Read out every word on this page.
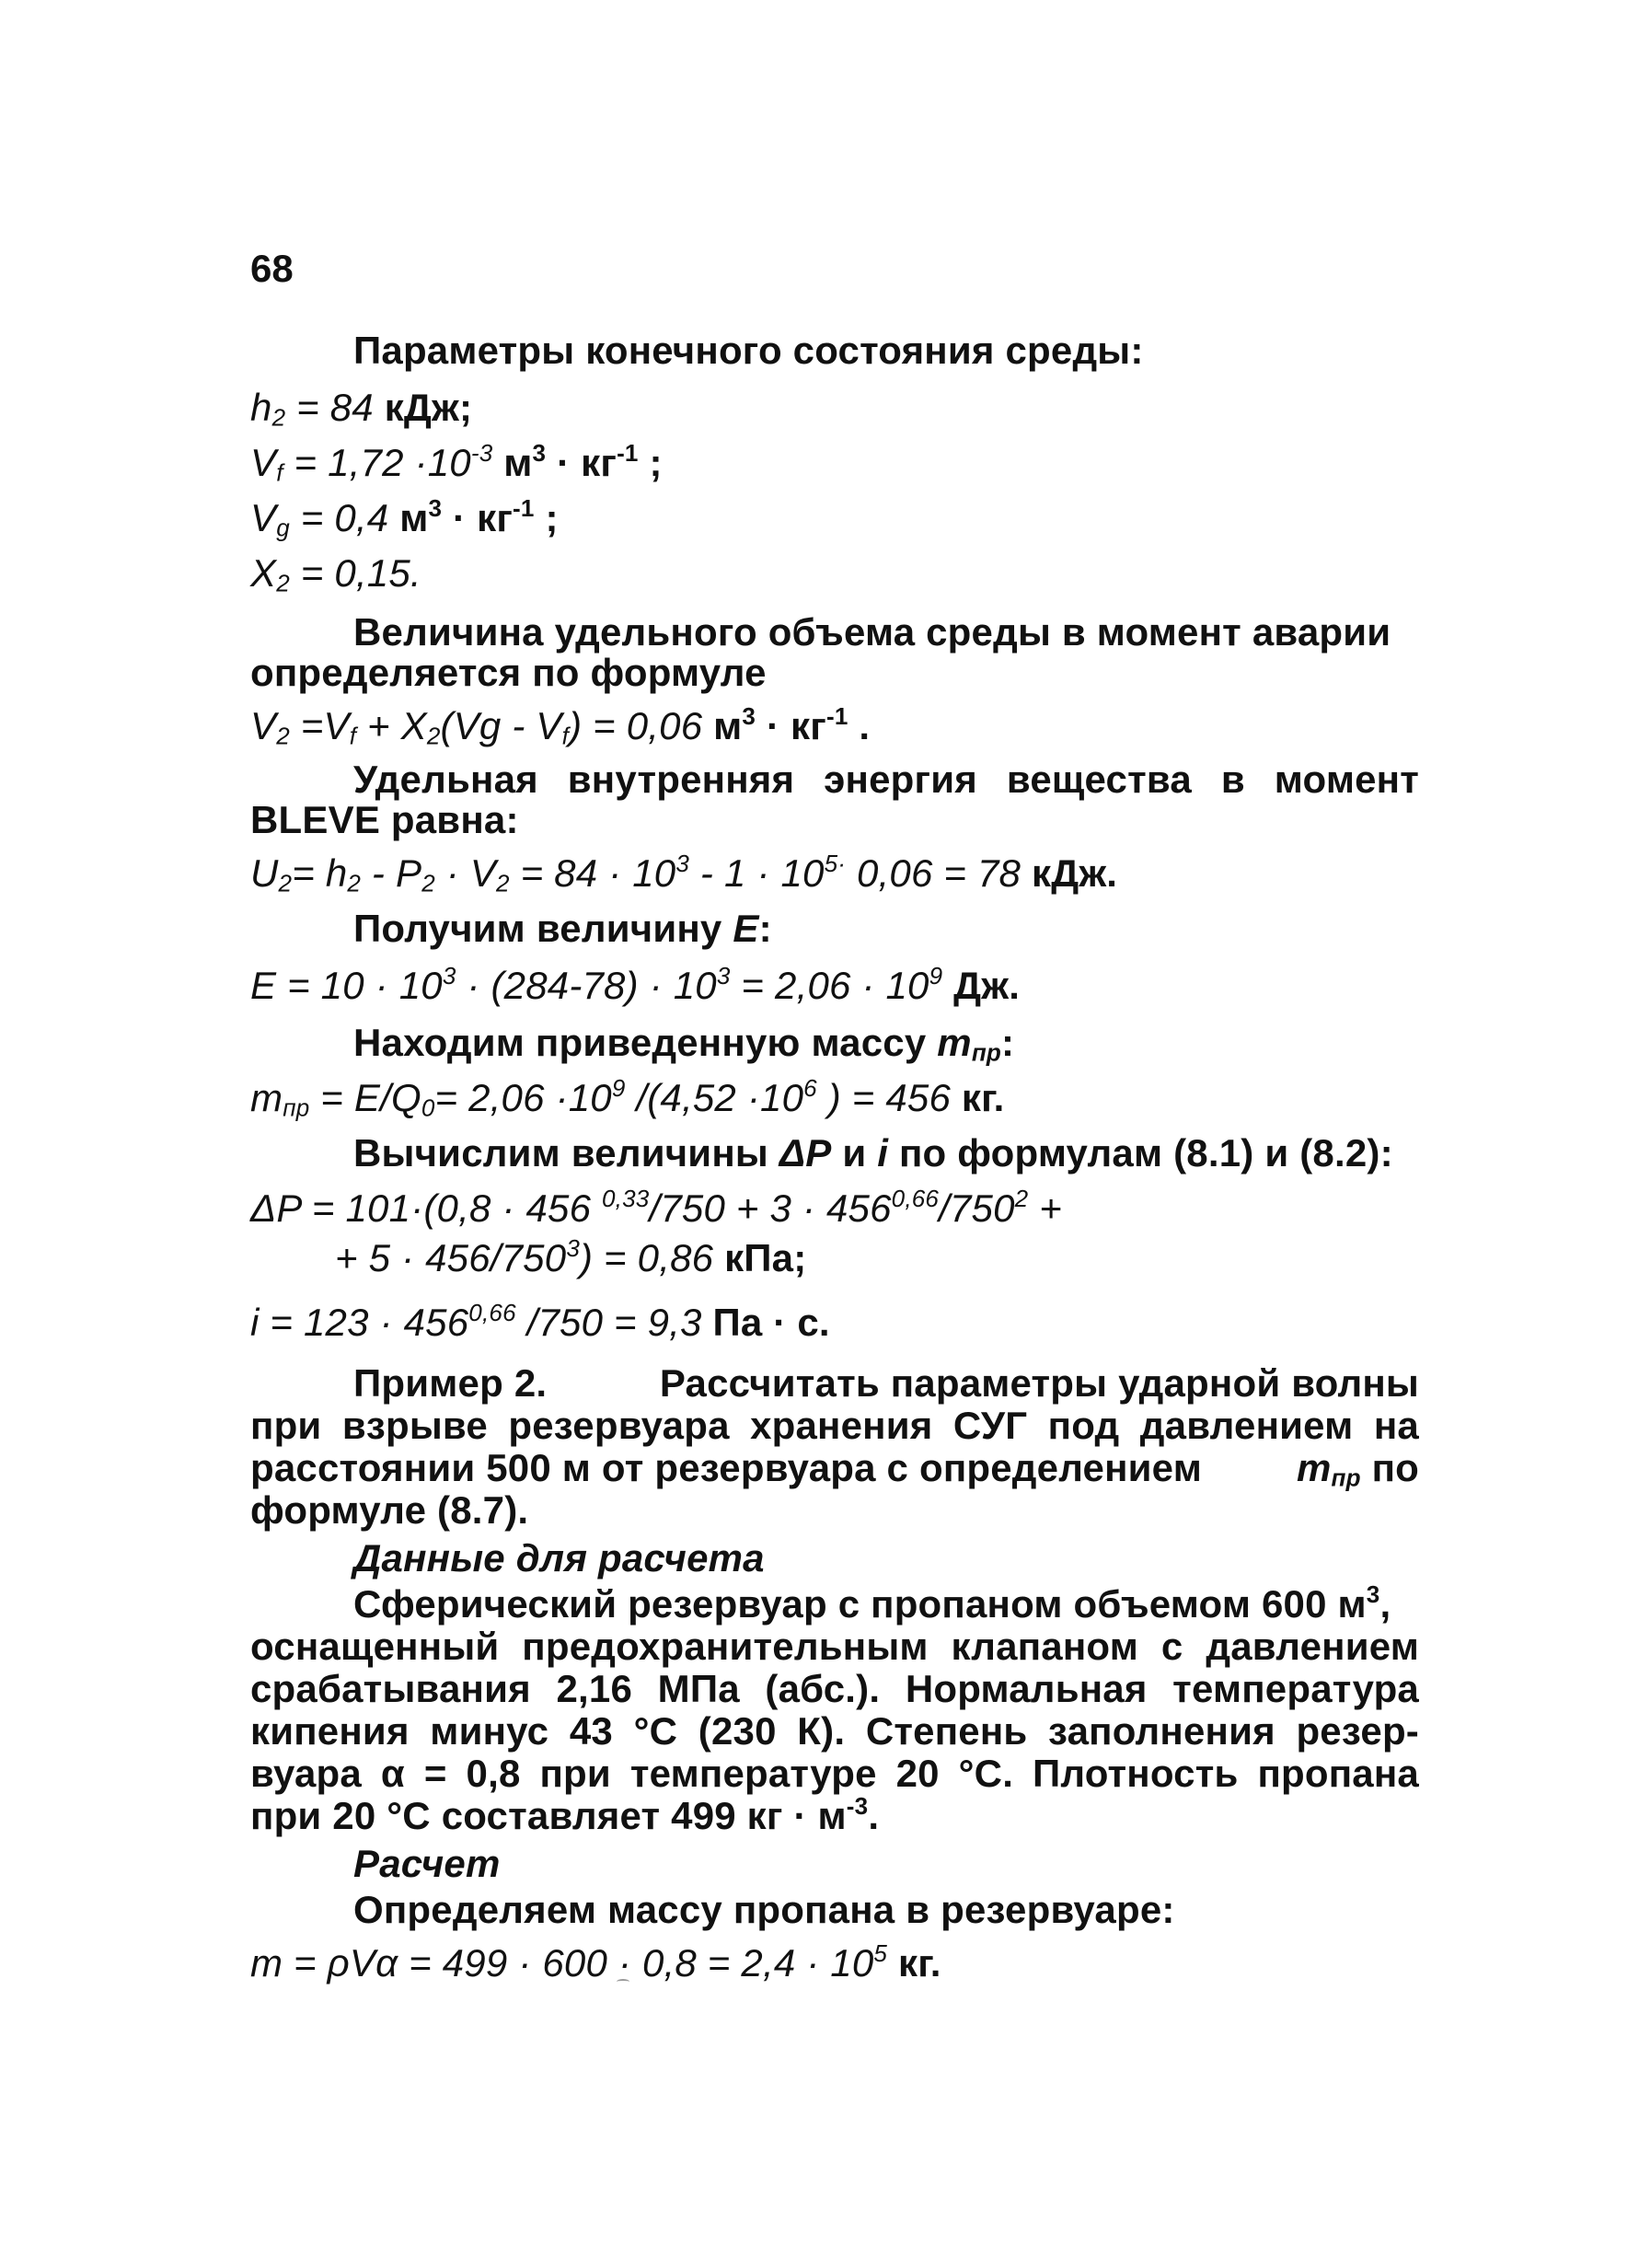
68
Параметры конечного состояния среды:
$h_2 = 84$ кДж;
$V_f = 1,72 \cdot 10^{-3}$ $м^3 \cdot кг^{-1}$ ;
$V_g = 0,4$ $м^3 \cdot кг^{-1}$ ;
$X_2 = 0,15$.
Величина удельного объема среды в момент аварии
определяется по формуле
$V_2 =V_f + X_2(Vg - V_f) = 0,06$ $м^3 \cdot кг^{-1}$ .
Удельная внутренняя энергия вещества в момент
BLEVE равна:
$U_2= h_2 - P_2 \cdot V_2 = 84 \cdot 10^3 - 1 \cdot 10^{5\cdot}$ 0,06 = 78 кДж.
Получим величину E:
$E = 10 \cdot 10^3 \cdot (284-78) \cdot 10^3 = 2,06 \cdot 10^9$ Дж.
Находим приведенную массу $m_{пр}$:
$m_{пр} = E/Q_0= 2,06 \cdot 10^9$ $/(4,52 \cdot 10^6$ ) = 456 кг.
Вычислим величины ΔP и i по формулам (8.1) и (8.2):
ΔP = 101·(0,8 · 456 $^{0,33}/750 + 3 \cdot 456^{0,66}/750^2$ +
+ $5 \cdot 456/750^3) = 0,86$ кПа;
$i = 123 \cdot 456^{0,66}$ /750 = 9,3 Па · с.
Пример 2.	Рассчитать параметры ударной волны
при взрыве резервуара хранения СУГ под давлением на
расстоянии 500 м от резервуара с определением $m_{пр}$ по
формуле (8.7).
Данные для расчета
Сферический резервуар с пропаном объемом 600 $м^3$,
оснащенный предохранительным клапаном с давлением
срабатывания 2,16 МПа (абс.). Нормальная температура
кипения минус 43 °С (230 К). Степень заполнения резер-
вуара α = 0,8 при температуре 20 °С. Плотность пропана
при 20 °С составляет 499 кг · $м^{-3}$.
Расчет
Определяем массу пропана в резервуаре:
$m = \rho V\alpha = 499 \cdot 600 \cdot 0,8 = 2,4 \cdot 10^5$ кг.
